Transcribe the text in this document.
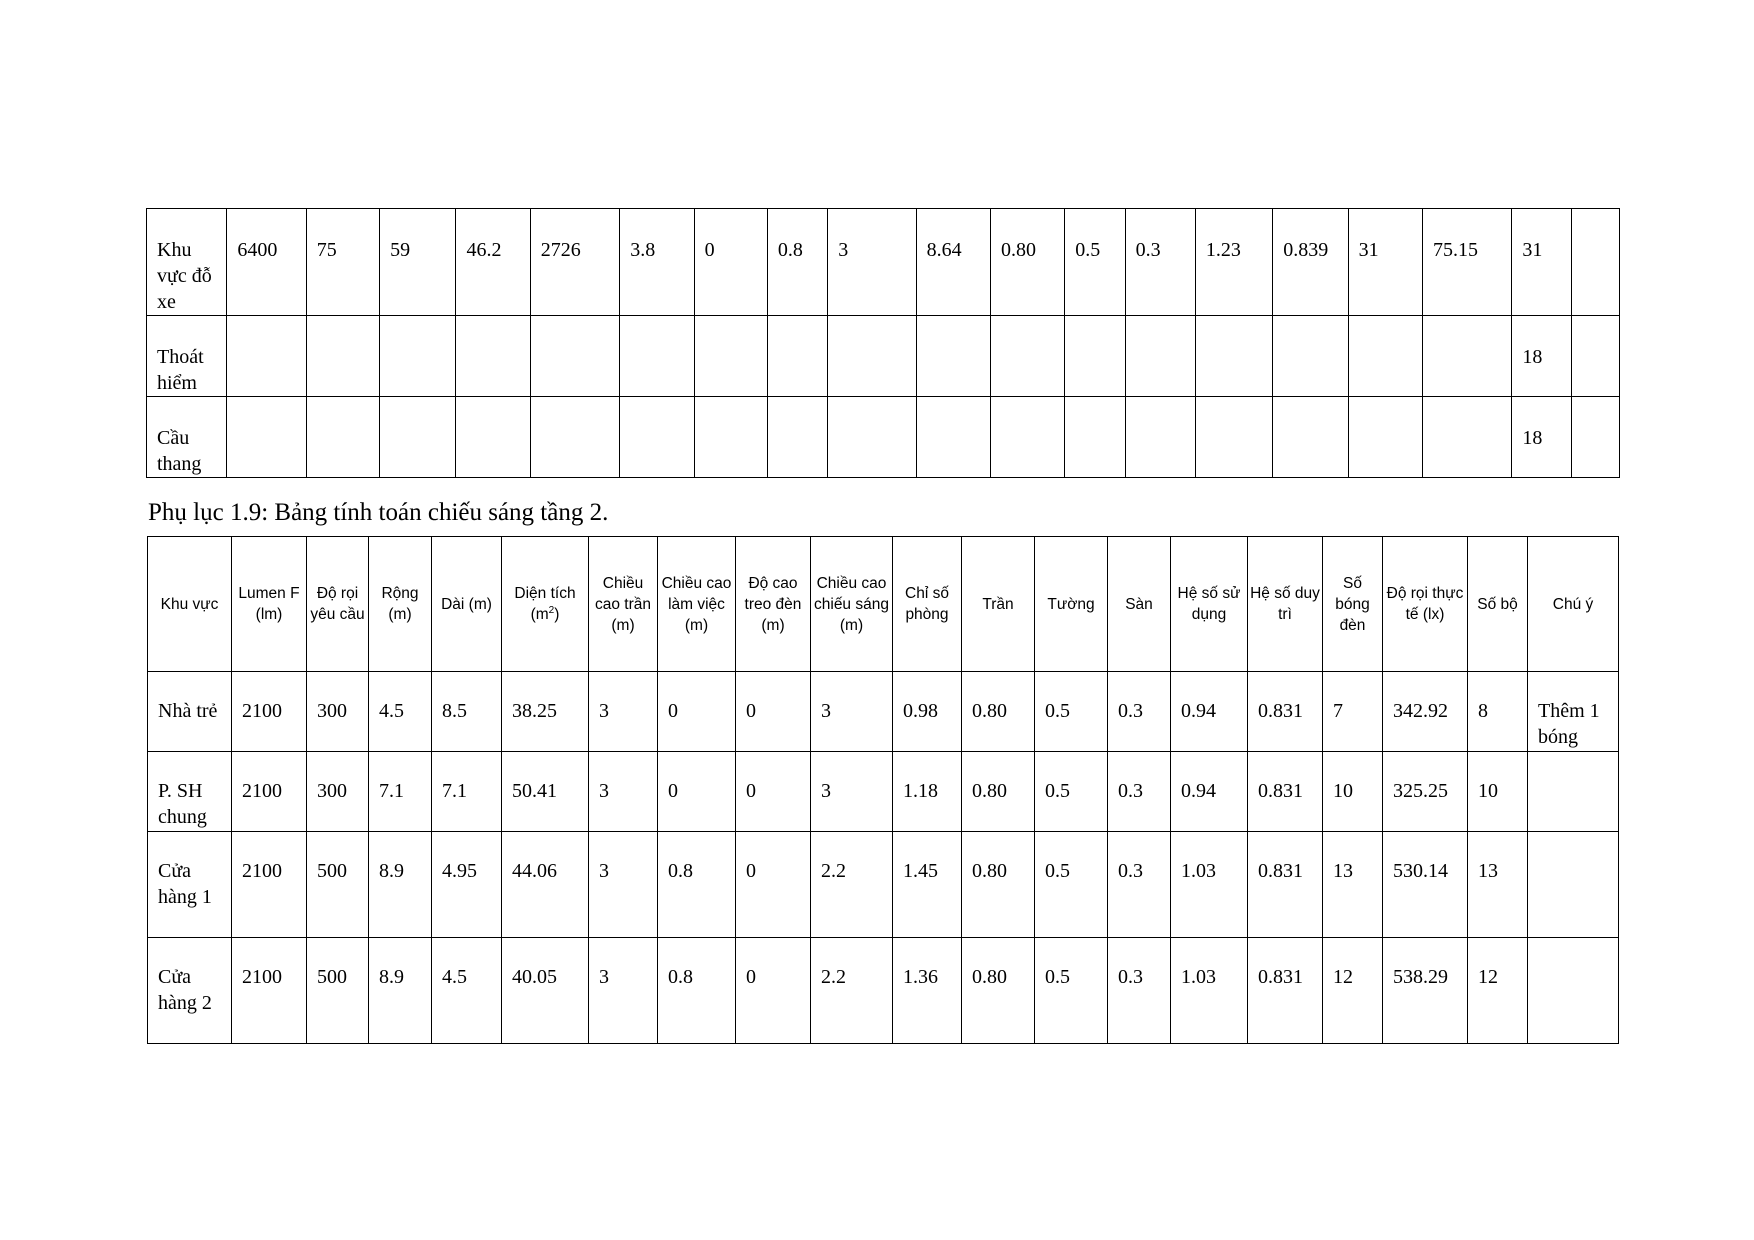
Khu vực đỗ xe	6400	75	59	46.2	2726	3.8	0	0.8	3	8.64	0.80	0.5	0.3	1.23	0.839	31	75.15	31	
Thoát hiểm																		18	
Cầu thang																		18	
Phụ lục 1.9: Bảng tính toán chiếu sáng tầng 2.
Khu vực	Lumen F (lm)	Độ rọi yêu cầu	Rộng (m)	Dài (m)	Diện tích $(m^2)$	Chiều cao trần (m)	Chiều cao làm việc (m)	Độ cao treo đèn (m)	Chiều cao chiếu sáng (m)	Chỉ số phòng	Trần	Tường	Sàn	Hệ số sử dụng	Hệ số duy trì	Số bóng đèn	Độ rọi thực tế (lx)	Số bộ	Chú ý
Nhà trẻ	2100	300	4.5	8.5	38.25	3	0	0	3	0.98	0.80	0.5	0.3	0.94	0.831	7	342.92	8	Thêm 1 bóng
P. SH chung	2100	300	7.1	7.1	50.41	3	0	0	3	1.18	0.80	0.5	0.3	0.94	0.831	10	325.25	10	
Cửa hàng 1	2100	500	8.9	4.95	44.06	3	0.8	0	2.2	1.45	0.80	0.5	0.3	1.03	0.831	13	530.14	13	
Cửa hàng 2	2100	500	8.9	4.5	40.05	3	0.8	0	2.2	1.36	0.80	0.5	0.3	1.03	0.831	12	538.29	12	
